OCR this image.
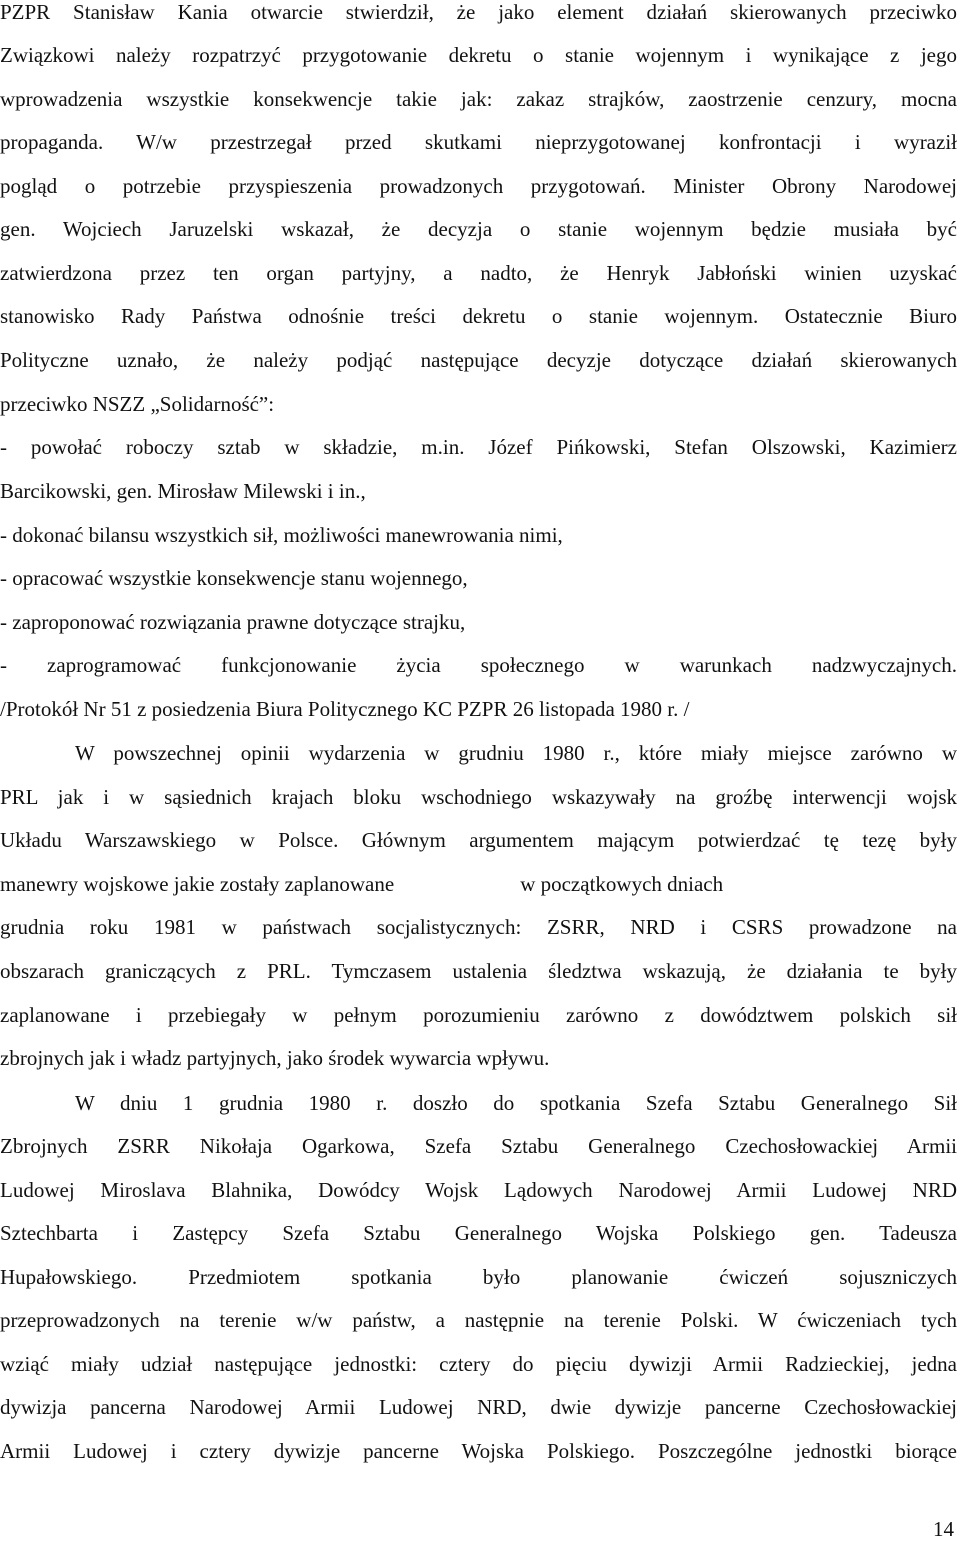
PZPR Stanisław Kania otwarcie stwierdził, że jako element działań skierowanych przeciwko
Związkowi należy rozpatrzyć przygotowanie dekretu o stanie wojennym i wynikające z jego
wprowadzenia wszystkie konsekwencje takie jak: zakaz strajków, zaostrzenie cenzury, mocna
propaganda. W/w przestrzegał przed skutkami nieprzygotowanej konfrontacji i wyraził
pogląd o potrzebie przyspieszenia prowadzonych przygotowań. Minister Obrony Narodowej
gen. Wojciech Jaruzelski wskazał, że decyzja o stanie wojennym będzie musiała być
zatwierdzona przez ten organ partyjny, a nadto, że Henryk Jabłoński winien uzyskać
stanowisko Rady Państwa odnośnie treści dekretu o stanie wojennym. Ostatecznie Biuro
Polityczne uznało, że należy podjąć następujące decyzje dotyczące działań skierowanych
przeciwko NSZZ „Solidarność”:
- powołać roboczy sztab w składzie, m.in. Józef Pińkowski, Stefan Olszowski, Kazimierz
Barcikowski, gen. Mirosław Milewski i in.,
- dokonać bilansu wszystkich sił, możliwości manewrowania nimi,
- opracować wszystkie konsekwencje stanu wojennego,
- zaproponować rozwiązania prawne dotyczące strajku,
- zaprogramować funkcjonowanie życia społecznego w warunkach nadzwyczajnych.
/Protokół Nr 51 z posiedzenia Biura Politycznego KC PZPR 26 listopada 1980 r. /
W powszechnej opinii wydarzenia w grudniu 1980 r., które miały miejsce zarówno w
PRL jak i w sąsiednich krajach bloku wschodniego wskazywały na groźbę interwencji wojsk
Układu Warszawskiego w Polsce. Głównym argumentem mającym potwierdzać tę tezę były
manewry wojskowe jakie zostały zaplanowane                        w początkowych dniach
grudnia roku 1981 w państwach socjalistycznych: ZSRR, NRD i CSRS prowadzone na
obszarach graniczących z PRL. Tymczasem ustalenia śledztwa wskazują, że działania te były
zaplanowane i przebiegały w pełnym porozumieniu zarówno z dowództwem polskich sił
zbrojnych jak i władz partyjnych, jako środek wywarcia wpływu.
W dniu 1 grudnia 1980 r. doszło do spotkania Szefa Sztabu Generalnego Sił
Zbrojnych ZSRR Nikołaja Ogarkowa, Szefa Sztabu Generalnego Czechosłowackiej Armii
Ludowej Miroslava Blahnika, Dowódcy Wojsk Lądowych Narodowej Armii Ludowej NRD
Sztechbarta i Zastępcy Szefa Sztabu Generalnego Wojska Polskiego gen. Tadeusza
Hupałowskiego. Przedmiotem spotkania było planowanie ćwiczeń sojuszniczych
przeprowadzonych na terenie w/w państw, a następnie na terenie Polski. W ćwiczeniach tych
wziąć miały udział następujące jednostki: cztery do pięciu dywizji Armii Radzieckiej, jedna
dywizja pancerna Narodowej Armii Ludowej NRD, dwie dywizje pancerne Czechosłowackiej
Armii Ludowej i cztery dywizje pancerne Wojska Polskiego. Poszczególne jednostki biorące
14
